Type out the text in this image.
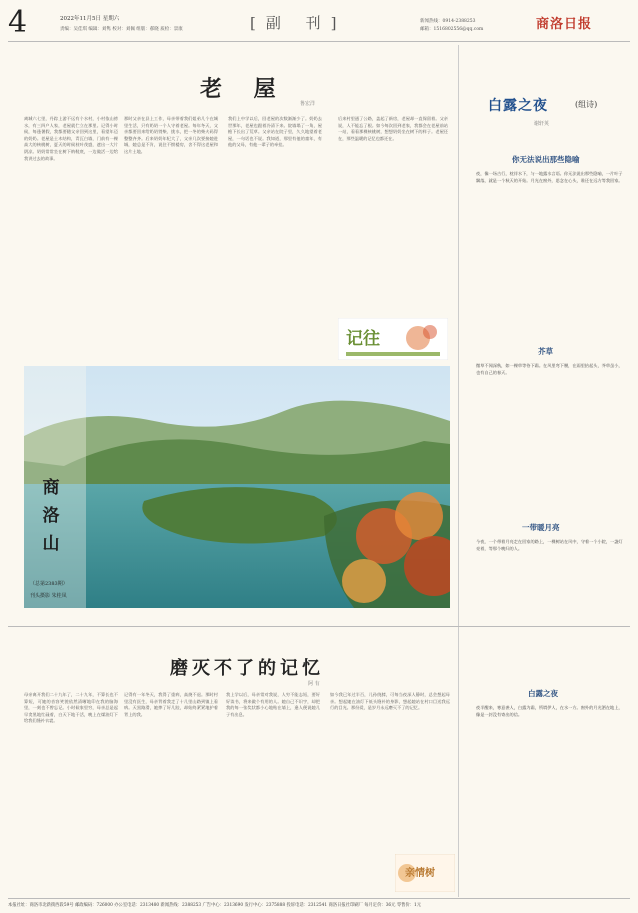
4	2022年11月5日 星期六
责编：吴佳琪 编辑：刘隽 校对：刘佩 组版：郝晓 质检：景康	[副 刊]	新闻热线：0914-2388253
邮箱：1516802556@qq.com	商洛日报
老 屋
鲁宏洋
离城六七里，丹踪上游不远有个水村，小村依山傍水，有三四户人家，老屋就伫立在那里。记得小时候，每逢暑假，我都要随父亲回到这里，看望年迈的奶奶。老屋是土木结构，青瓦白墙，门前有一棵高大的核桃树，夏天的时候枝叶茂盛，遮出一大片阴凉。奶奶常常坐在树下纳鞋底，一边做活一边给我讲过去的故事。
那时父亲在县上工作，母亲带着我们姐弟几个在城里生活，只有奶奶一个人守着老屋。每年冬天，父亲都要回来给奶奶劈柴、挑水，把一冬的柴火码得整整齐齐。后来奶奶年纪大了，父亲几次要接她进城，她总是不肯，说住不惯楼房，舍不得这老屋和这片土地。
我们上中学以后，回老屋的次数渐渐少了。奶奶去世那年，老屋也跟着冷清下来。院墙塌了一角，屋檐下长出了荒草。父亲站在院子里，久久地望着老屋，一句话也不说。我知道，那里有他的童年，有他的父母，有他一辈子的牵挂。
后来村里通了公路，盖起了新房，老屋却一直保留着。父亲说，人不能忘了根。如今每次回到老家，我都会在老屋前站一站，看看那棵核桃树，想想奶奶坐在树下的样子。老屋还在，那些温暖的记忆也都还在。
记往
商洛山
（总第2383期）
刊头摄影 朱桂凤
磨灭不了的记忆
阿 有
母亲离开我们二十九年了，二十九年，不算长也不算短，可她的音容笑貌依然清晰地印在我的脑海里，一刻也不曾忘记。小时候家里穷，母亲总是起早贪黑地忙碌着，白天下地干活，晚上在煤油灯下给我们缝补衣裳。
记得有一年冬天，我得了重病，高烧不退。那时村里没有医生，母亲背着我走了十几里山路到镇上看病。天黑路滑，她摔了好几跤，却始终紧紧地护着背上的我。
我上学以后，母亲常对我说，人穷不能志短，要好好读书，将来做个有用的人。她自己不识字，却把我的每一张奖状都小心地贴在墙上，逢人便说她儿子有出息。
如今我已年过半百，儿孙绕膝，可每当夜深人静时，总会想起母亲。想起她在油灯下低头缝补的身影，想起她站在村口目送我远行的目光。那份爱，是岁月永远磨灭不了的记忆。
亲情树
白露之夜	(组诗)
谢轩英
你无法说出那些隐喻
夜，像一场古行，枕伴水下，与一地露水言语。你无法说出那些隐喻，一片叶子飘落，就是一个秋天的开始。月光在窗外，思念在心头，谁还在远方等我回家。
芥草
微草不闻深秋，如一棵草等待下霜。在风里弯下腰，在雨里抬起头，芥草虽小，也有自己的春天。
一带暖月亮
今夜，一个带着月亮走在回家的路上，一棵树站在风中，守着一个小院，一盏灯亮着，等那个晚归的人。
白露之夜
夜半醒来，寒意袭人，白露为霜，所谓伊人，在水一方。窗外的月光洒在地上，像是一封没有寄出的信。
本报社址：商洛市北新街西段59号 邮政编码：726000 办公室电话：2313480 新闻热线：2388253 广告中心：2313690 发行中心：2375888 投诉电话：2312541 商洛日报社印刷厂 每月定价：36元 零售价：1元
